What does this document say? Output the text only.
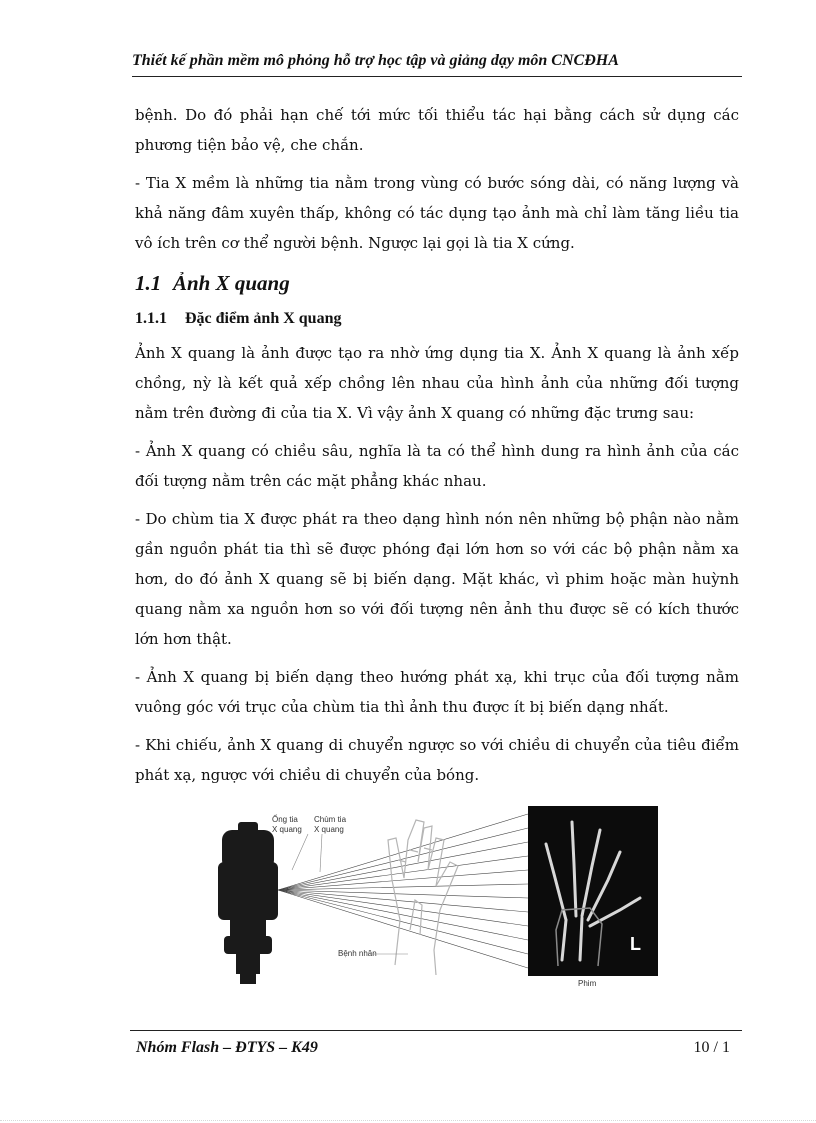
Thiết kế phần mềm mô phỏng hỗ trợ học tập và giảng dạy môn CNCĐHA

bệnh. Do đó phải hạn chế tới mức tối thiểu tác hại bằng cách sử dụng các phương tiện bảo vệ, che chắn.

- Tia X mềm là những tia nằm trong vùng có bước sóng dài, có năng lượng và khả năng đâm xuyên thấp, không có tác dụng tạo ảnh mà chỉ làm tăng liều tia vô ích trên cơ thể người bệnh. Ngược lại gọi là tia X cứng.

1.1 Ảnh X quang
1.1.1 Đặc điểm ảnh X quang

Ảnh X quang là ảnh được tạo ra nhờ ứng dụng tia X. Ảnh X quang là ảnh xếp chồng, nỳ là kết quả xếp chồng lên nhau của hình ảnh của những đối tượng nằm trên đường đi của tia X. Vì vậy ảnh X quang có những đặc trưng sau:

- Ảnh X quang có chiều sâu, nghĩa là ta có thể hình dung ra hình ảnh của các đối tượng nằm trên các mặt phẳng khác nhau.

- Do chùm tia X được phát ra theo dạng hình nón nên những bộ phận nào nằm gần nguồn phát tia thì sẽ được phóng đại lớn hơn so với các bộ phận nằm xa hơn, do đó ảnh X quang sẽ bị biến dạng. Mặt khác, vì phim hoặc màn huỳnh quang nằm xa nguồn hơn so với đối tượng nên ảnh thu được sẽ có kích thước lớn hơn thật.

- Ảnh X quang bị biến dạng theo hướng phát xạ, khi trục của đối tượng nằm vuông góc với trục của chùm tia thì ảnh thu được ít bị biến dạng nhất.

- Khi chiếu, ảnh X quang di chuyển ngược so với chiều di chuyển của tiêu điểm phát xạ, ngược với chiều di chuyển của bóng.

L
Ống tia
X quang
Chùm tia
X quang
Bệnh nhân
Phim
Nhóm Flash – ĐTYS – K49	10 / 1
